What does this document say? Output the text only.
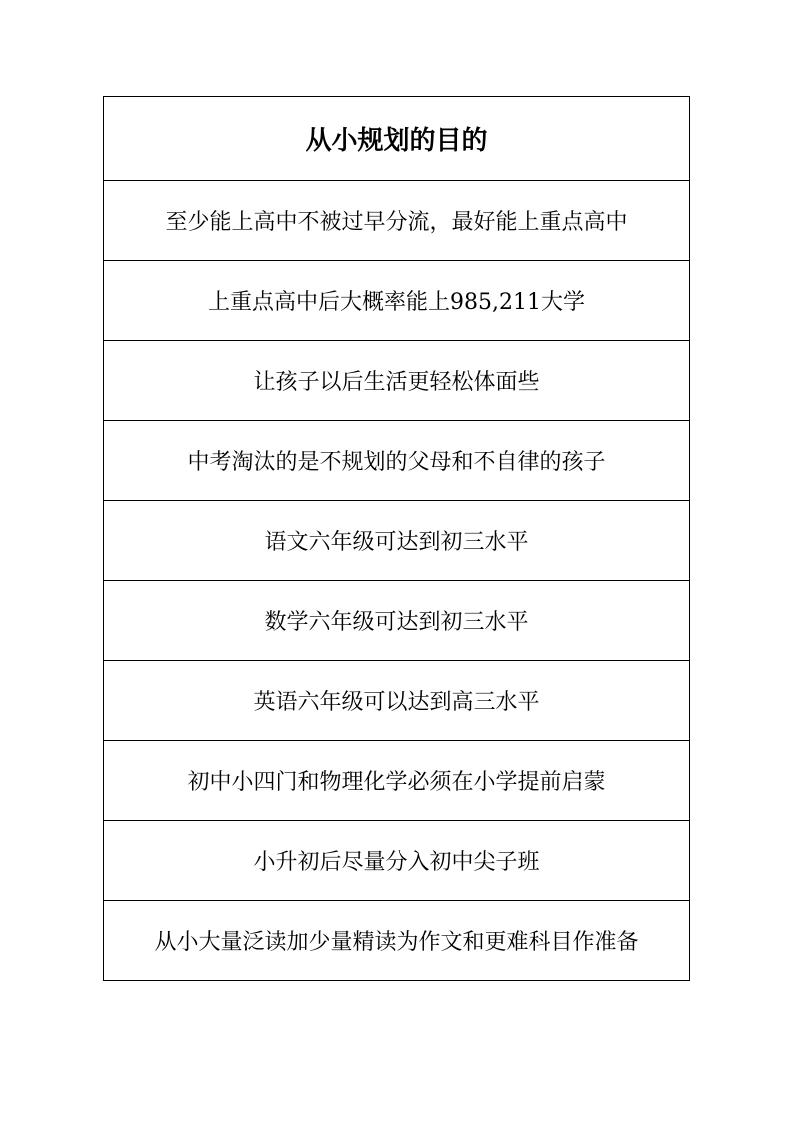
从小规划的目的
至少能上高中不被过早分流，最好能上重点高中
上重点高中后大概率能上985,211大学
让孩子以后生活更轻松体面些
中考淘汰的是不规划的父母和不自律的孩子
语文六年级可达到初三水平
数学六年级可达到初三水平
英语六年级可以达到高三水平
初中小四门和物理化学必须在小学提前启蒙
小升初后尽量分入初中尖子班
从小大量泛读加少量精读为作文和更难科目作准备
